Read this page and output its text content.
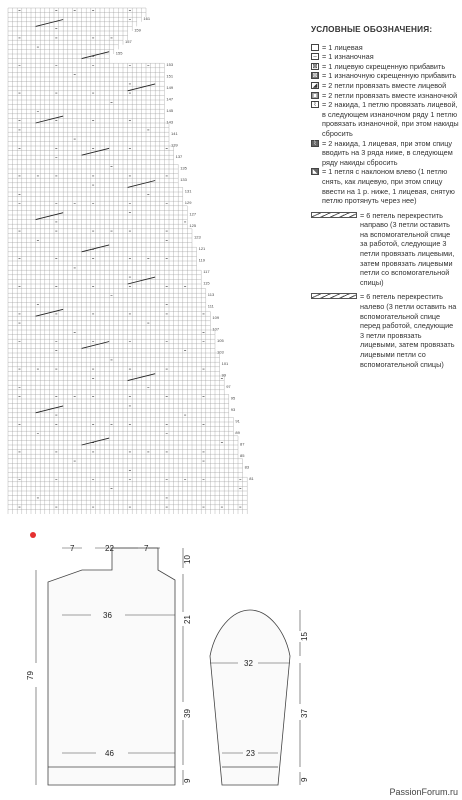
161
159
157
155
153
151
149
147
145
143
141
139
137
135
133
131
129
127
125
123
121
119
117
115
113
111
109
107
105
103
101
99
97
95
93
91
89
87
85
83
81
УСЛОВНЫЕ ОБОЗНАЧЕНИЯ:
= 1 лицевая
– = 1 изнаночная
⊠ = 1 лицевую скрещенную прибавить
⊠ = 1 изнаночную скрещенную прибавить
◢ = 2 петли провязать вместе лицевой
▣ = 2 петли провязать вместе изнаночной
⌇ = 2 накида, 1 петлю провязать лицевой, в следующем изнаночном ряду 1 петлю провязать изнаночной, при этом накиды сбросить
⌇ = 2 накида, 1 лицевая, при этом спицу вводить на 3 ряда ниже, в следующем ряду накиды сбросить
◣ = 1 петля с наклоном влево (1 петлю снять, как лицевую, при этом спицу ввести на 1 р. ниже, 1 лицевая, снятую петлю протянуть через нее)
= 6 петель перекрестить направо (3 петли оставить на вспомогательной спице за работой, следующие 3 петли провязать лицевыми, затем провязать лицевыми петли со вспомогательной спицы)
= 6 петель перекрестить налево (3 петли оставить на вспомогательной спице перед работой, следующие 3 петли провязать лицевыми, затем провязать лицевыми петли со вспомогательной спицы)
7	22	7
36
46
79
10
21
39
9
32
23
15
37
9
PassionForum.ru
